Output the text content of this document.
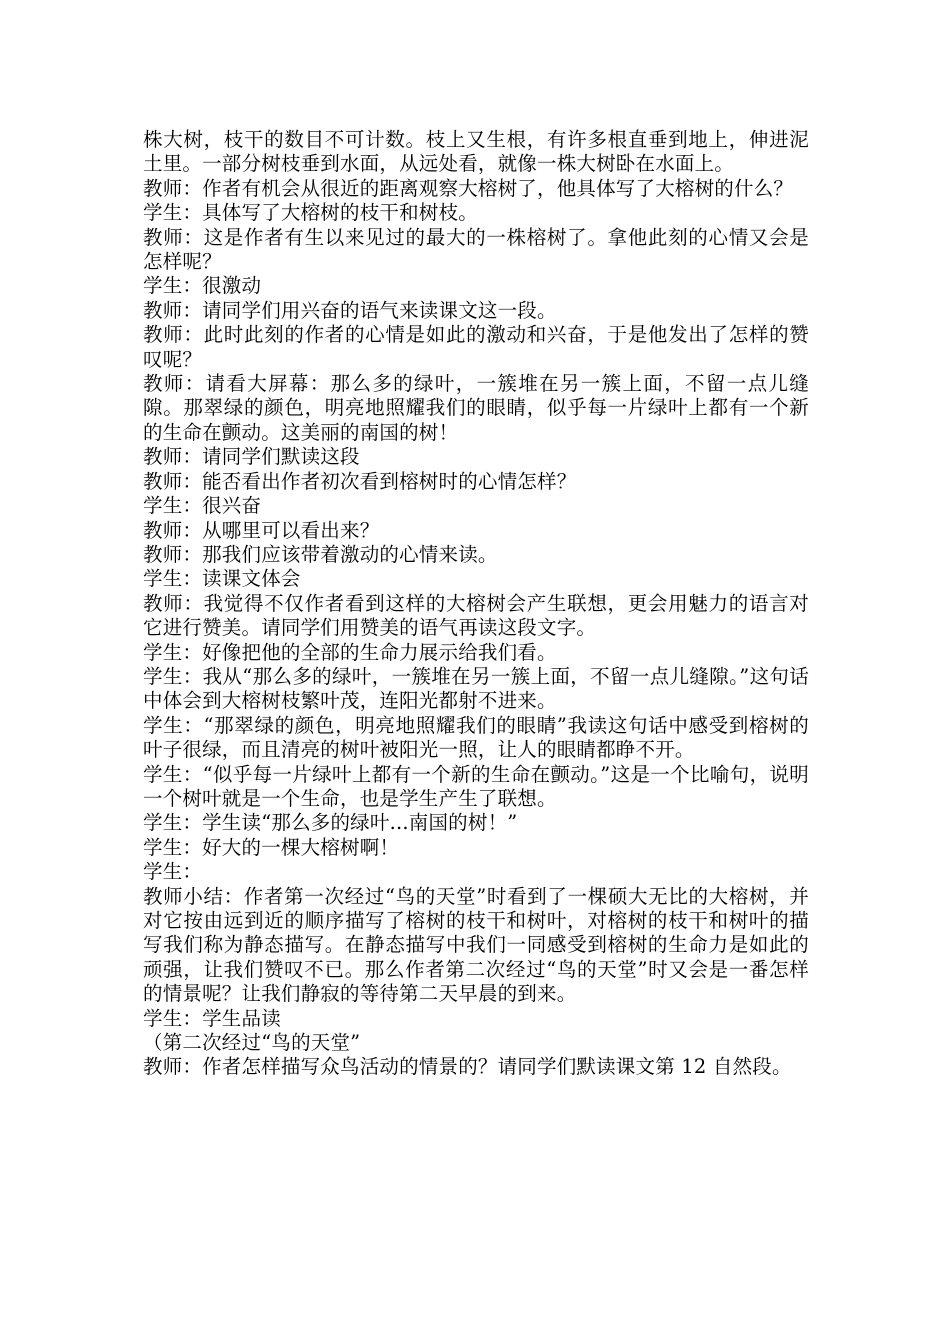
株大树，枝干的数目不可计数。枝上又生根，有许多根直垂到地上，伸进泥土里。一部分树枝垂到水面，从远处看，就像一株大树卧在水面上。

教师：作者有机会从很近的距离观察大榕树了，他具体写了大榕树的什么？

学生：具体写了大榕树的枝干和树枝。

教师：这是作者有生以来见过的最大的一株榕树了。拿他此刻的心情又会是怎样呢？

学生：很激动

教师：请同学们用兴奋的语气来读课文这一段。

教师：此时此刻的作者的心情是如此的激动和兴奋，于是他发出了怎样的赞叹呢？

教师：请看大屏幕：那么多的绿叶，一簇堆在另一簇上面，不留一点儿缝隙。那翠绿的颜色，明亮地照耀我们的眼睛，似乎每一片绿叶上都有一个新的生命在颤动。这美丽的南国的树！

教师：请同学们默读这段

教师：能否看出作者初次看到榕树时的心情怎样？

学生：很兴奋

教师：从哪里可以看出来？

教师：那我们应该带着激动的心情来读。

学生：读课文体会

教师：我觉得不仅作者看到这样的大榕树会产生联想，更会用魅力的语言对它进行赞美。请同学们用赞美的语气再读这段文字。

学生：好像把他的全部的生命力展示给我们看。

学生：我从“那么多的绿叶，一簇堆在另一簇上面，不留一点儿缝隙。”这句话中体会到大榕树枝繁叶茂，连阳光都射不进来。

学生：“那翠绿的颜色，明亮地照耀我们的眼睛”我读这句话中感受到榕树的叶子很绿，而且清亮的树叶被阳光一照，让人的眼睛都睁不开。

学生：“似乎每一片绿叶上都有一个新的生命在颤动。”这是一个比喻句，说明一个树叶就是一个生命，也是学生产生了联想。

学生：学生读“那么多的绿叶...南国的树！”

学生：好大的一棵大榕树啊！

学生：

教师小结：作者第一次经过“鸟的天堂”时看到了一棵硕大无比的大榕树，并对它按由远到近的顺序描写了榕树的枝干和树叶，对榕树的枝干和树叶的描写我们称为静态描写。在静态描写中我们一同感受到榕树的生命力是如此的顽强，让我们赞叹不已。那么作者第二次经过“鸟的天堂”时又会是一番怎样的情景呢？让我们静寂的等待第二天早晨的到来。

学生：学生品读

（第二次经过“鸟的天堂”

教师：作者怎样描写众鸟活动的情景的？请同学们默读课文第 12 自然段。
